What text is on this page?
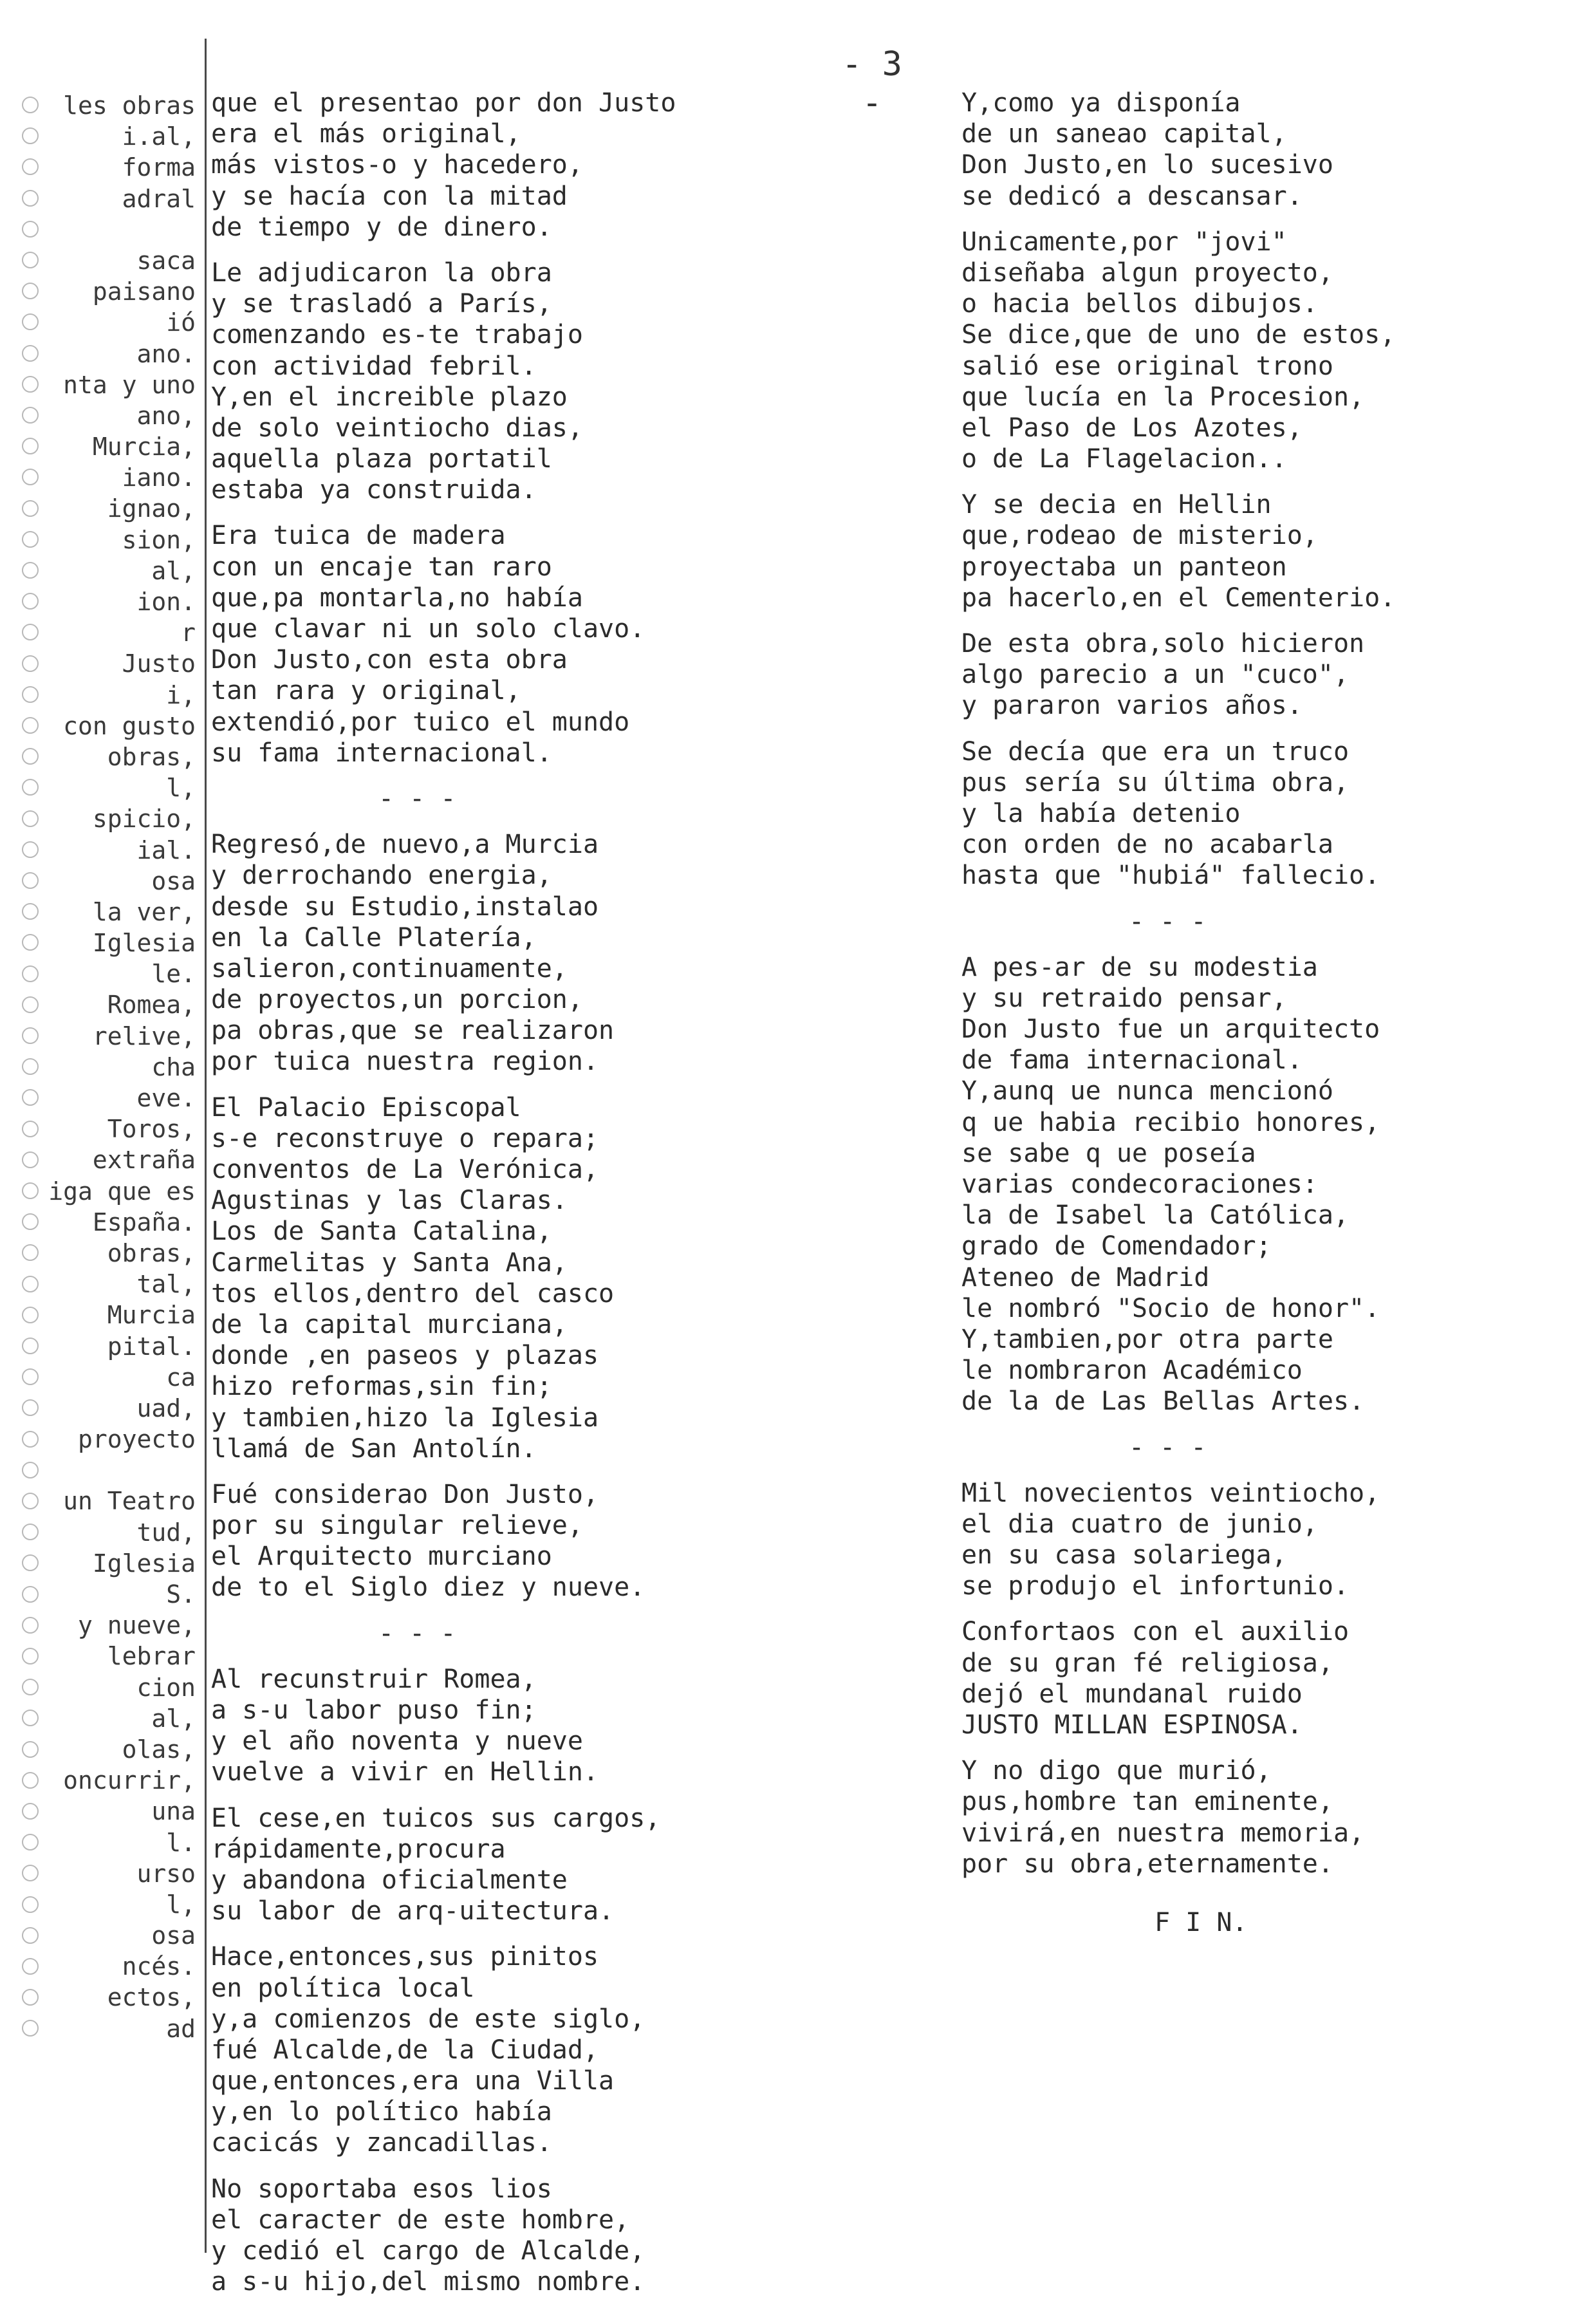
- 3 -
les obras
i.al,
forma
adral
saca
paisano
ió
ano.
nta y uno
ano,
Murcia,
iano.
ignao,
sion,
al,
ion.
r
Justo
i,
con gusto
obras,
l,
spicio,
ial.
osa
la ver,
Iglesia
le.
Romea,
relive,
cha
eve.
Toros,
extraña
iga que es
España.
obras,
tal,
Murcia
pital.
ca
uad,
proyecto
un Teatro
tud,
Iglesia
S.
y nueve,
lebrar
cion
al,
olas,
oncurrir,
una
l.
urso
l,
osa
ncés.
ectos,
ad
que el presentao por don Justo
era el más original,
más vistos-o y hacedero,
y se hacía con la mitad
de tiempo y de dinero.
Le adjudicaron la obra
y se trasladó a París,
comenzando es-te trabajo
con actividad febril.
Y,en el increible plazo
de solo veintiocho dias,
aquella plaza portatil
estaba ya construida.
Era tuica de madera
con un encaje tan raro
que,pa montarla,no había
que clavar ni un solo clavo.
Don Justo,con esta obra
tan rara y original,
extendió,por tuico el mundo
su fama internacional.
- - -
Regresó,de nuevo,a Murcia
y derrochando energia,
desde su Estudio,instalao
en la Calle Platería,
salieron,continuamente,
de proyectos,un porcion,
pa obras,que se realizaron
por tuica nuestra region.
El Palacio Episcopal
s-e reconstruye o repara;
conventos de La Verónica,
Agustinas y las Claras.
Los de Santa Catalina,
Carmelitas y Santa Ana,
tos ellos,dentro del casco
de la capital murciana,
donde ,en paseos y plazas
hizo reformas,sin fin;
y tambien,hizo la Iglesia
llamá de San Antolín.
Fué considerao Don Justo,
por su singular relieve,
el Arquitecto murciano
de to el Siglo diez y nueve.
- - -
Al recunstruir Romea,
a s-u labor puso fin;
y el año noventa y nueve
vuelve a vivir en Hellin.
El cese,en tuicos sus cargos,
rápidamente,procura
y abandona oficialmente
su labor de arq-uitectura.
Hace,entonces,sus pinitos
en política local
y,a comienzos de este siglo,
fué Alcalde,de la Ciudad,
que,entonces,era una Villa
y,en lo político había
cacicás y zancadillas.
No soportaba esos lios
el caracter de este hombre,
y cedió el cargo de Alcalde,
a s-u hijo,del mismo nombre.
Y,como ya disponía
de un saneao capital,
Don Justo,en lo sucesivo
se dedicó a descansar.
Unicamente,por "jovi"
diseñaba algun proyecto,
o hacia bellos dibujos.
Se dice,que de uno de estos,
salió ese original trono
que lucía en la Procesion,
el Paso de Los Azotes,
o de La Flagelacion..
Y se decia en Hellin
que,rodeao de misterio,
proyectaba un panteon
pa hacerlo,en el Cementerio.
De esta obra,solo hicieron
algo parecio a un "cuco",
y pararon varios años.
Se decía que era un truco
pus sería su última obra,
y la había detenio
con orden de no acabarla
hasta que "hubiá" fallecio.
- - -
A pes-ar de su modestia
y su retraido pensar,
Don Justo fue un arquitecto
de fama internacional.
Y,aunq ue nunca mencionó
q ue habia recibio honores,
se sabe q ue poseía
varias condecoraciones:
la de Isabel la Católica,
grado de Comendador;
Ateneo de Madrid
le nombró "Socio de honor".
Y,tambien,por otra parte
le nombraron Académico
de la de Las Bellas Artes.
- - -
Mil novecientos veintiocho,
el dia cuatro de junio,
en su casa solariega,
se produjo el infortunio.
Confortaos con el auxilio
de su gran fé religiosa,
dejó el mundanal ruido
JUSTO MILLAN ESPINOSA.
Y no digo que murió,
pus,hombre tan eminente,
vivirá,en nuestra memoria,
por su obra,eternamente.
F I N.
